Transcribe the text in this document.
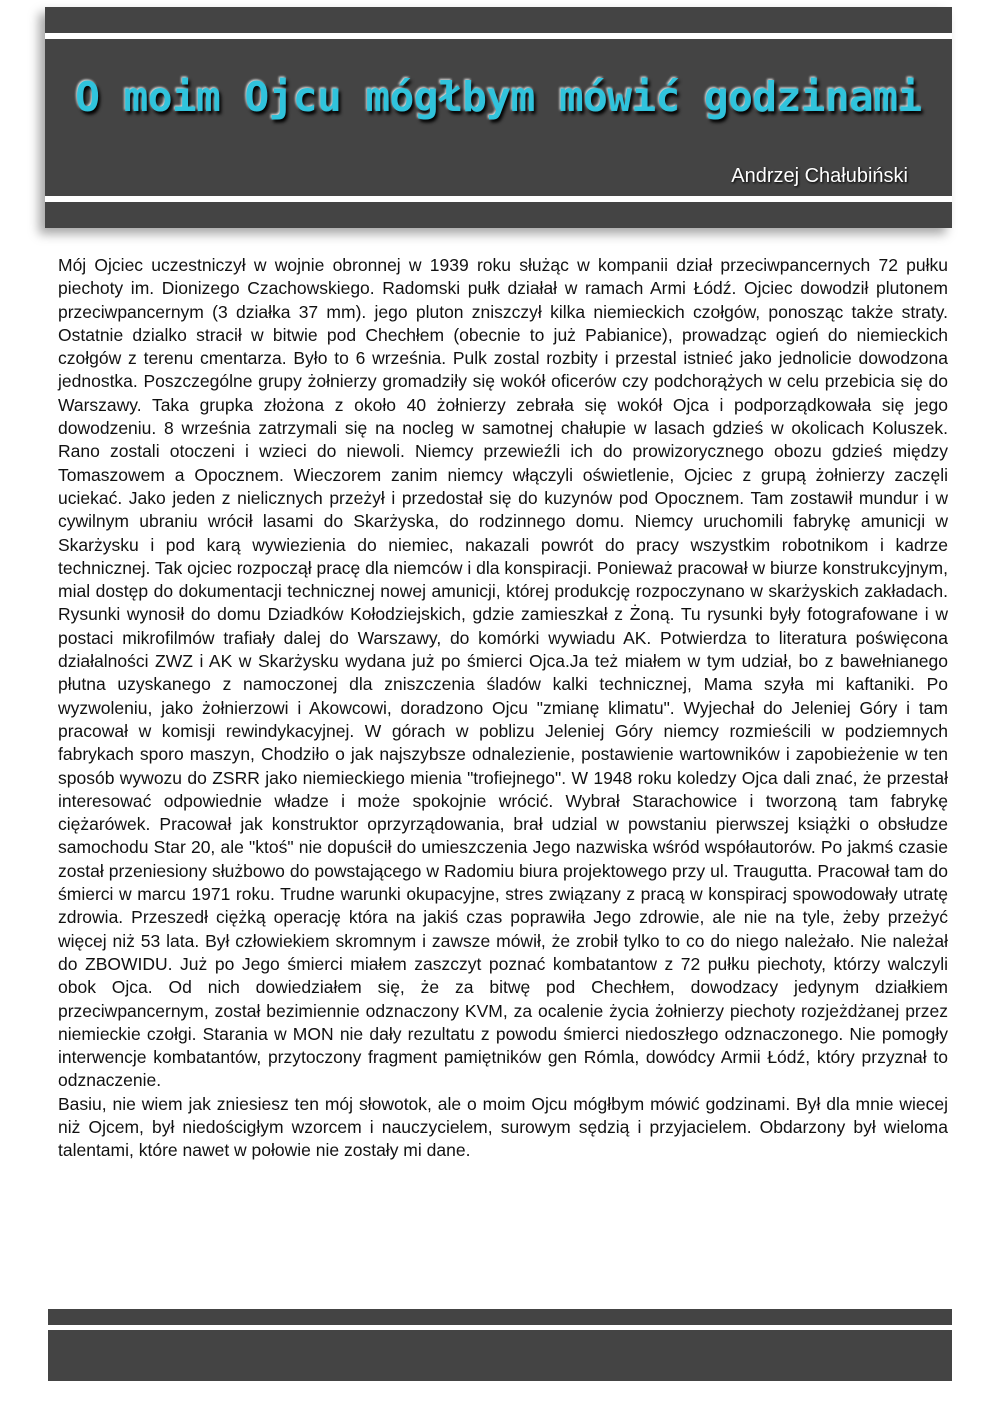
O moim Ojcu mógłbym mówić godzinami
Andrzej Chałubiński

Mój Ojciec uczestniczył w wojnie obronnej w 1939 roku służąc w kompanii dział przeciwpancernych 72 pułku piechoty im. Dionizego Czachowskiego. Radomski pułk działał w ramach Armi Łódź. Ojciec dowodził plutonem przeciwpancernym (3 działka 37 mm). jego pluton zniszczył kilka niemieckich czołgów, ponosząc także straty. Ostatnie dzialko stracił w bitwie pod Chechłem (obecnie to już Pabianice), prowadząc ogień do niemieckich czołgów z terenu cmentarza. Było to 6 września. Pulk zostal rozbity i przestal istnieć jako jednolicie dowodzona jednostka. Poszczególne grupy żołnierzy gromadziły się wokół oficerów czy podchorążych w celu przebicia się do Warszawy. Taka grupka złożona z około 40 żołnierzy zebrała się wokół Ojca i podporządkowała się jego dowodzeniu. 8 września zatrzymali się na nocleg w samotnej chałupie w lasach gdzieś w okolicach Koluszek. Rano zostali otoczeni i wzieci do niewoli. Niemcy przewieźli ich do prowizorycznego obozu gdzieś między Tomaszowem a Opocznem. Wieczorem zanim niemcy włączyli oświetlenie, Ojciec z grupą żołnierzy zaczęli uciekać. Jako jeden z nielicznych przeżył i przedostał się do kuzynów pod Opocznem. Tam zostawił mundur i w cywilnym ubraniu wrócił lasami do Skarżyska, do rodzinnego domu. Niemcy uruchomili fabrykę amunicji w Skarżysku i pod karą wywiezienia do niemiec, nakazali powrót do pracy wszystkim robotnikom i kadrze technicznej. Tak ojciec rozpoczął pracę dla niemców i dla konspiracji. Ponieważ pracował w biurze konstrukcyjnym, mial dostęp do dokumentacji technicznej nowej amunicji, której produkcję rozpoczynano w skarżyskich zakładach. Rysunki wynosił do domu Dziadków Kołodziejskich, gdzie zamieszkał z Żoną. Tu rysunki były fotografowane i w postaci mikrofilmów trafiały dalej do Warszawy, do komórki wywiadu AK. Potwierdza to literatura poświęcona działalności ZWZ i AK w Skarżysku wydana już po śmierci Ojca.Ja też miałem w tym udział, bo z bawełnianego płutna uzyskanego z namoczonej dla zniszczenia śladów kalki technicznej, Mama szyła mi kaftaniki. Po wyzwoleniu, jako żołnierzowi i Akowcowi, doradzono Ojcu "zmianę klimatu". Wyjechał do Jeleniej Góry i tam pracował w komisji rewindykacyjnej. W górach w poblizu Jeleniej Góry niemcy rozmieścili w podziemnych fabrykach sporo maszyn, Chodziło o jak najszybsze odnalezienie, postawienie wartowników i zapobieżenie w ten sposób wywozu do ZSRR jako niemieckiego mienia "trofiejnego". W 1948 roku koledzy Ojca dali znać, że przestał interesować odpowiednie władze i może spokojnie wrócić. Wybrał Starachowice i tworzoną tam fabrykę ciężarówek. Pracował jak konstruktor oprzyrządowania, brał udzial w powstaniu pierwszej książki o obsłudze samochodu Star 20, ale "ktoś" nie dopuścił do umieszczenia Jego nazwiska wśród współautorów. Po jakmś czasie został przeniesiony służbowo do powstającego w Radomiu biura projektowego przy ul. Traugutta. Pracował tam do śmierci w marcu 1971 roku. Trudne warunki okupacyjne, stres związany z pracą w konspiracj spowodowały utratę zdrowia. Przeszedł ciężką operację która na jakiś czas poprawiła Jego zdrowie, ale nie na tyle, żeby przeżyć więcej niż 53 lata. Był człowiekiem skromnym i zawsze mówił, że zrobił tylko to co do niego należało. Nie należał do ZBOWIDU. Już po Jego śmierci miałem zaszczyt poznać kombatantow z 72 pułku piechoty, którzy walczyli obok Ojca. Od nich dowiedziałem się, że za bitwę pod Chechłem, dowodzacy jedynym działkiem przeciwpancernym, został bezimiennie odznaczony KVM, za ocalenie życia żołnierzy piechoty rozjeżdżanej przez niemieckie czołgi. Starania w MON nie dały rezultatu z powodu śmierci niedoszłego odznaczonego. Nie pomogły interwencje kombatantów, przytoczony fragment pamiętników gen Rómla, dowódcy Armii Łódź, który przyznał to odznaczenie.

Basiu, nie wiem jak zniesiesz ten mój słowotok, ale o moim Ojcu mógłbym mówić godzinami. Był dla mnie wiecej niż Ojcem, był niedościgłym wzorcem i nauczycielem, surowym sędzią i przyjacielem. Obdarzony był wieloma talentami, które nawet w połowie nie zostały mi dane.
